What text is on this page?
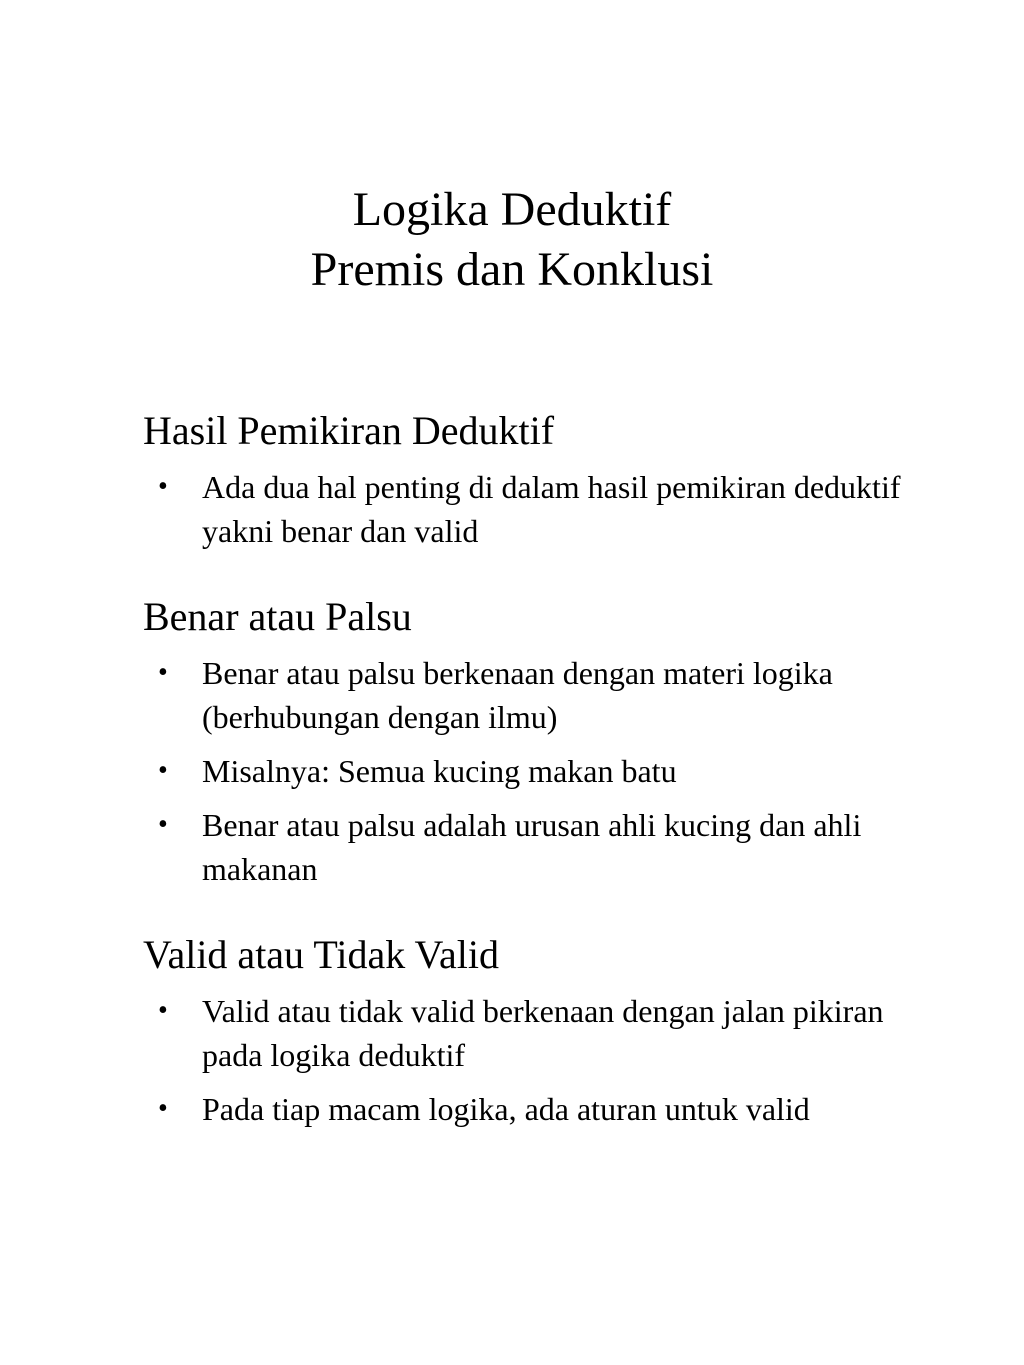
Logika Deduktif
Premis dan Konklusi
Hasil Pemikiran Deduktif
• Ada dua hal penting di dalam hasil pemikiran deduktif yakni benar dan valid
Benar atau Palsu
• Benar atau palsu berkenaan dengan materi logika (berhubungan dengan ilmu)
• Misalnya: Semua kucing makan batu
• Benar atau palsu adalah urusan ahli kucing dan ahli makanan
Valid atau Tidak Valid
• Valid atau tidak valid berkenaan dengan jalan pikiran pada logika deduktif
• Pada tiap macam logika, ada aturan untuk valid
